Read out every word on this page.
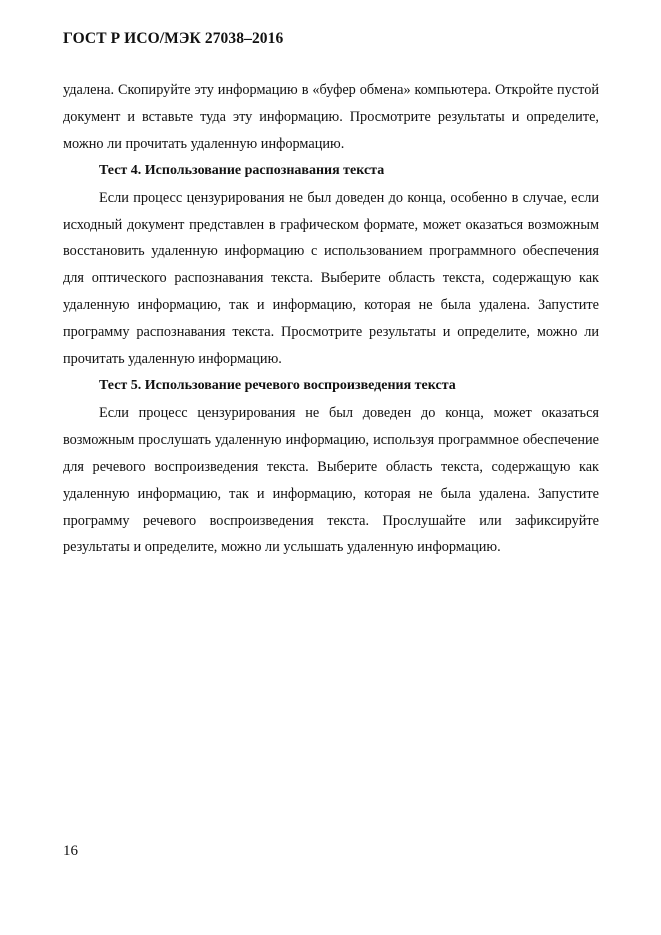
ГОСТ Р ИСО/МЭК 27038–2016

удалена. Скопируйте эту информацию в «буфер обмена» компьютера. Откройте пустой документ и вставьте туда эту информацию. Просмотрите результаты и определите, можно ли прочитать удаленную информацию.

Тест 4. Использование распознавания текста

Если процесс цензурирования не был доведен до конца, особенно в случае, если исходный документ представлен в графическом формате, может оказаться возможным восстановить удаленную информацию с использованием программного обеспечения для оптического распознавания текста. Выберите область текста, содержащую как удаленную информацию, так и информацию, которая не была удалена. Запустите программу распознавания текста. Просмотрите результаты и определите, можно ли прочитать удаленную информацию.

Тест 5. Использование речевого воспроизведения текста

Если процесс цензурирования не был доведен до конца, может оказаться возможным прослушать удаленную информацию, используя программное обеспечение для речевого воспроизведения текста. Выберите область текста, содержащую как удаленную информацию, так и информацию, которая не была удалена. Запустите программу речевого воспроизведения текста. Прослушайте или зафиксируйте результаты и определите, можно ли услышать удаленную информацию.

16
